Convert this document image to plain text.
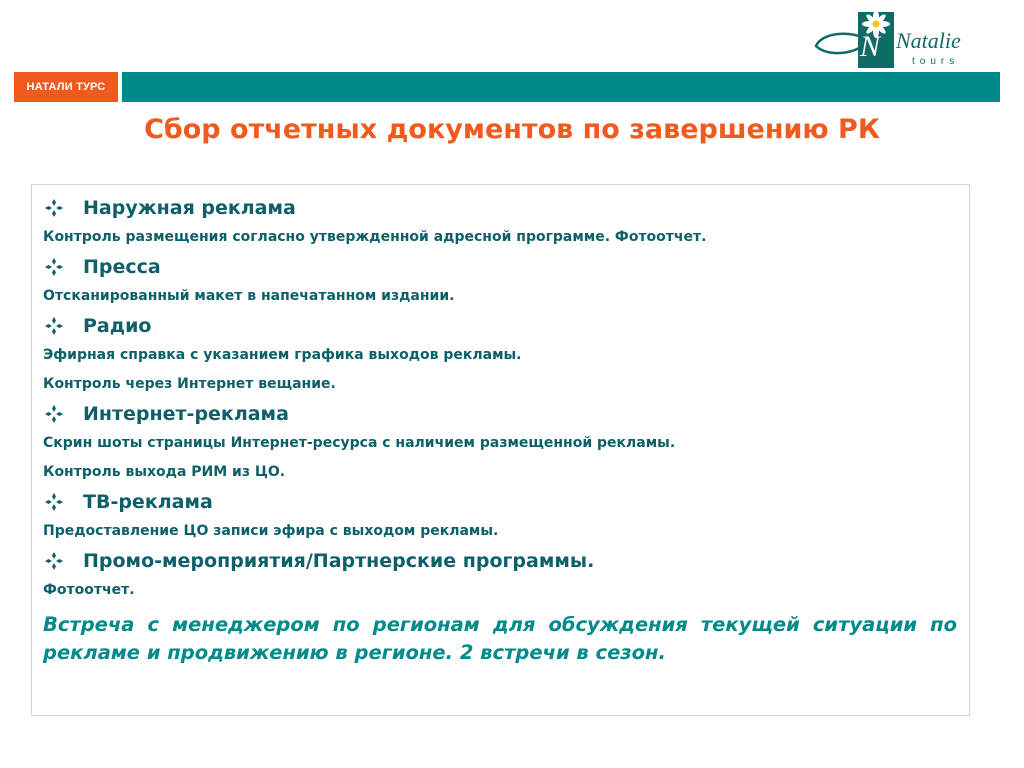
N Natalie
tours
НАТАЛИ ТУРС
Сбор отчетных документов по завершению РК
Наружная реклама
Контроль размещения согласно утвержденной адресной программе. Фотоотчет.
Пресса
Отсканированный макет в напечатанном издании.
Радио
Эфирная справка с указанием графика выходов рекламы.
Контроль через Интернет вещание.
Интернет-реклама
Скрин шоты страницы Интернет-ресурса с наличием размещенной рекламы.
Контроль выхода РИМ из ЦО.
ТВ-реклама
Предоставление ЦО записи эфира с выходом рекламы.
Промо-мероприятия/Партнерские программы.
Фотоотчет.
Встреча с менеджером по регионам для обсуждения текущей ситуации по рекламе и продвижению в регионе. 2 встречи в сезон.
